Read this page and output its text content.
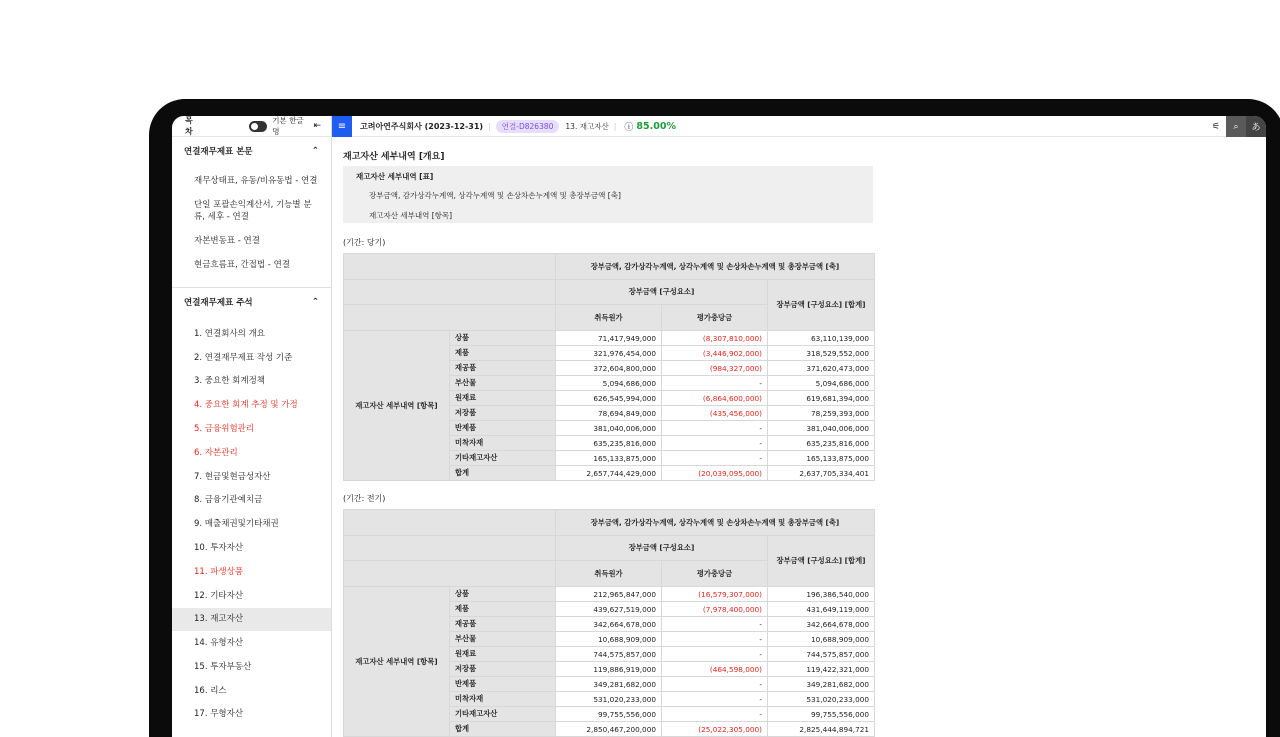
목차
기본 한글명
⇤
연결재무제표 본문	⌃
재무상태표, 유동/비유동법 - 연결
단일 포괄손익계산서, 기능별 분류, 세후 - 연결
자본변동표 - 연결
현금흐름표, 간접법 - 연결
연결재무제표 주석	⌃
1. 연결회사의 개요
2. 연결재무제표 작성 기준
3. 중요한 회계정책
4. 중요한 회계 추정 및 가정
5. 금융위험관리
6. 자본관리
7. 현금및현금성자산
8. 금융기관예치금
9. 매출채권및기타채권
10. 투자자산
11. 파생상품
12. 기타자산
13. 재고자산
14. 유형자산
15. 투자부동산
16. 리스
17. 무형자산
≡	고려아연주식회사 (2023-12-31) |	연결-D826380	13. 재고자산 | ⓘ 85.00%	⚟	⌕	あ
재고자산 세부내역 [개요]
재고자산 세부내역 [표]
장부금액, 감가상각누계액, 상각누계액 및 손상차손누계액 및 총장부금액 [축]
재고자산 세부내역 [항목]
(기간: 당기)
		장부금액, 감가상각누계액, 상각누계액 및 손상차손누계액 및 총장부금액 [축]		
		장부금액 [구성요소]		장부금액 [구성요소] [합계]
		취득원가	평가충당금	
재고자산 세부내역 [항목]	상품	71,417,949,000	(8,307,810,000)	63,110,139,000
	제품	321,976,454,000	(3,446,902,000)	318,529,552,000
	재공품	372,604,800,000	(984,327,000)	371,620,473,000
	부산물	5,094,686,000	-	5,094,686,000
	원재료	626,545,994,000	(6,864,600,000)	619,681,394,000
	저장품	78,694,849,000	(435,456,000)	78,259,393,000
	반제품	381,040,006,000	-	381,040,006,000
	미착자재	635,235,816,000	-	635,235,816,000
	기타재고자산	165,133,875,000	-	165,133,875,000
	합계	2,657,744,429,000	(20,039,095,000)	2,637,705,334,401
(기간: 전기)
		장부금액, 감가상각누계액, 상각누계액 및 손상차손누계액 및 총장부금액 [축]		
		장부금액 [구성요소]		장부금액 [구성요소] [합계]
		취득원가	평가충당금	
재고자산 세부내역 [항목]	상품	212,965,847,000	(16,579,307,000)	196,386,540,000
	제품	439,627,519,000	(7,978,400,000)	431,649,119,000
	재공품	342,664,678,000	-	342,664,678,000
	부산물	10,688,909,000	-	10,688,909,000
	원재료	744,575,857,000	-	744,575,857,000
	저장품	119,886,919,000	(464,598,000)	119,422,321,000
	반제품	349,281,682,000	-	349,281,682,000
	미착자재	531,020,233,000	-	531,020,233,000
	기타재고자산	99,755,556,000	-	99,755,556,000
	합계	2,850,467,200,000	(25,022,305,000)	2,825,444,894,721
